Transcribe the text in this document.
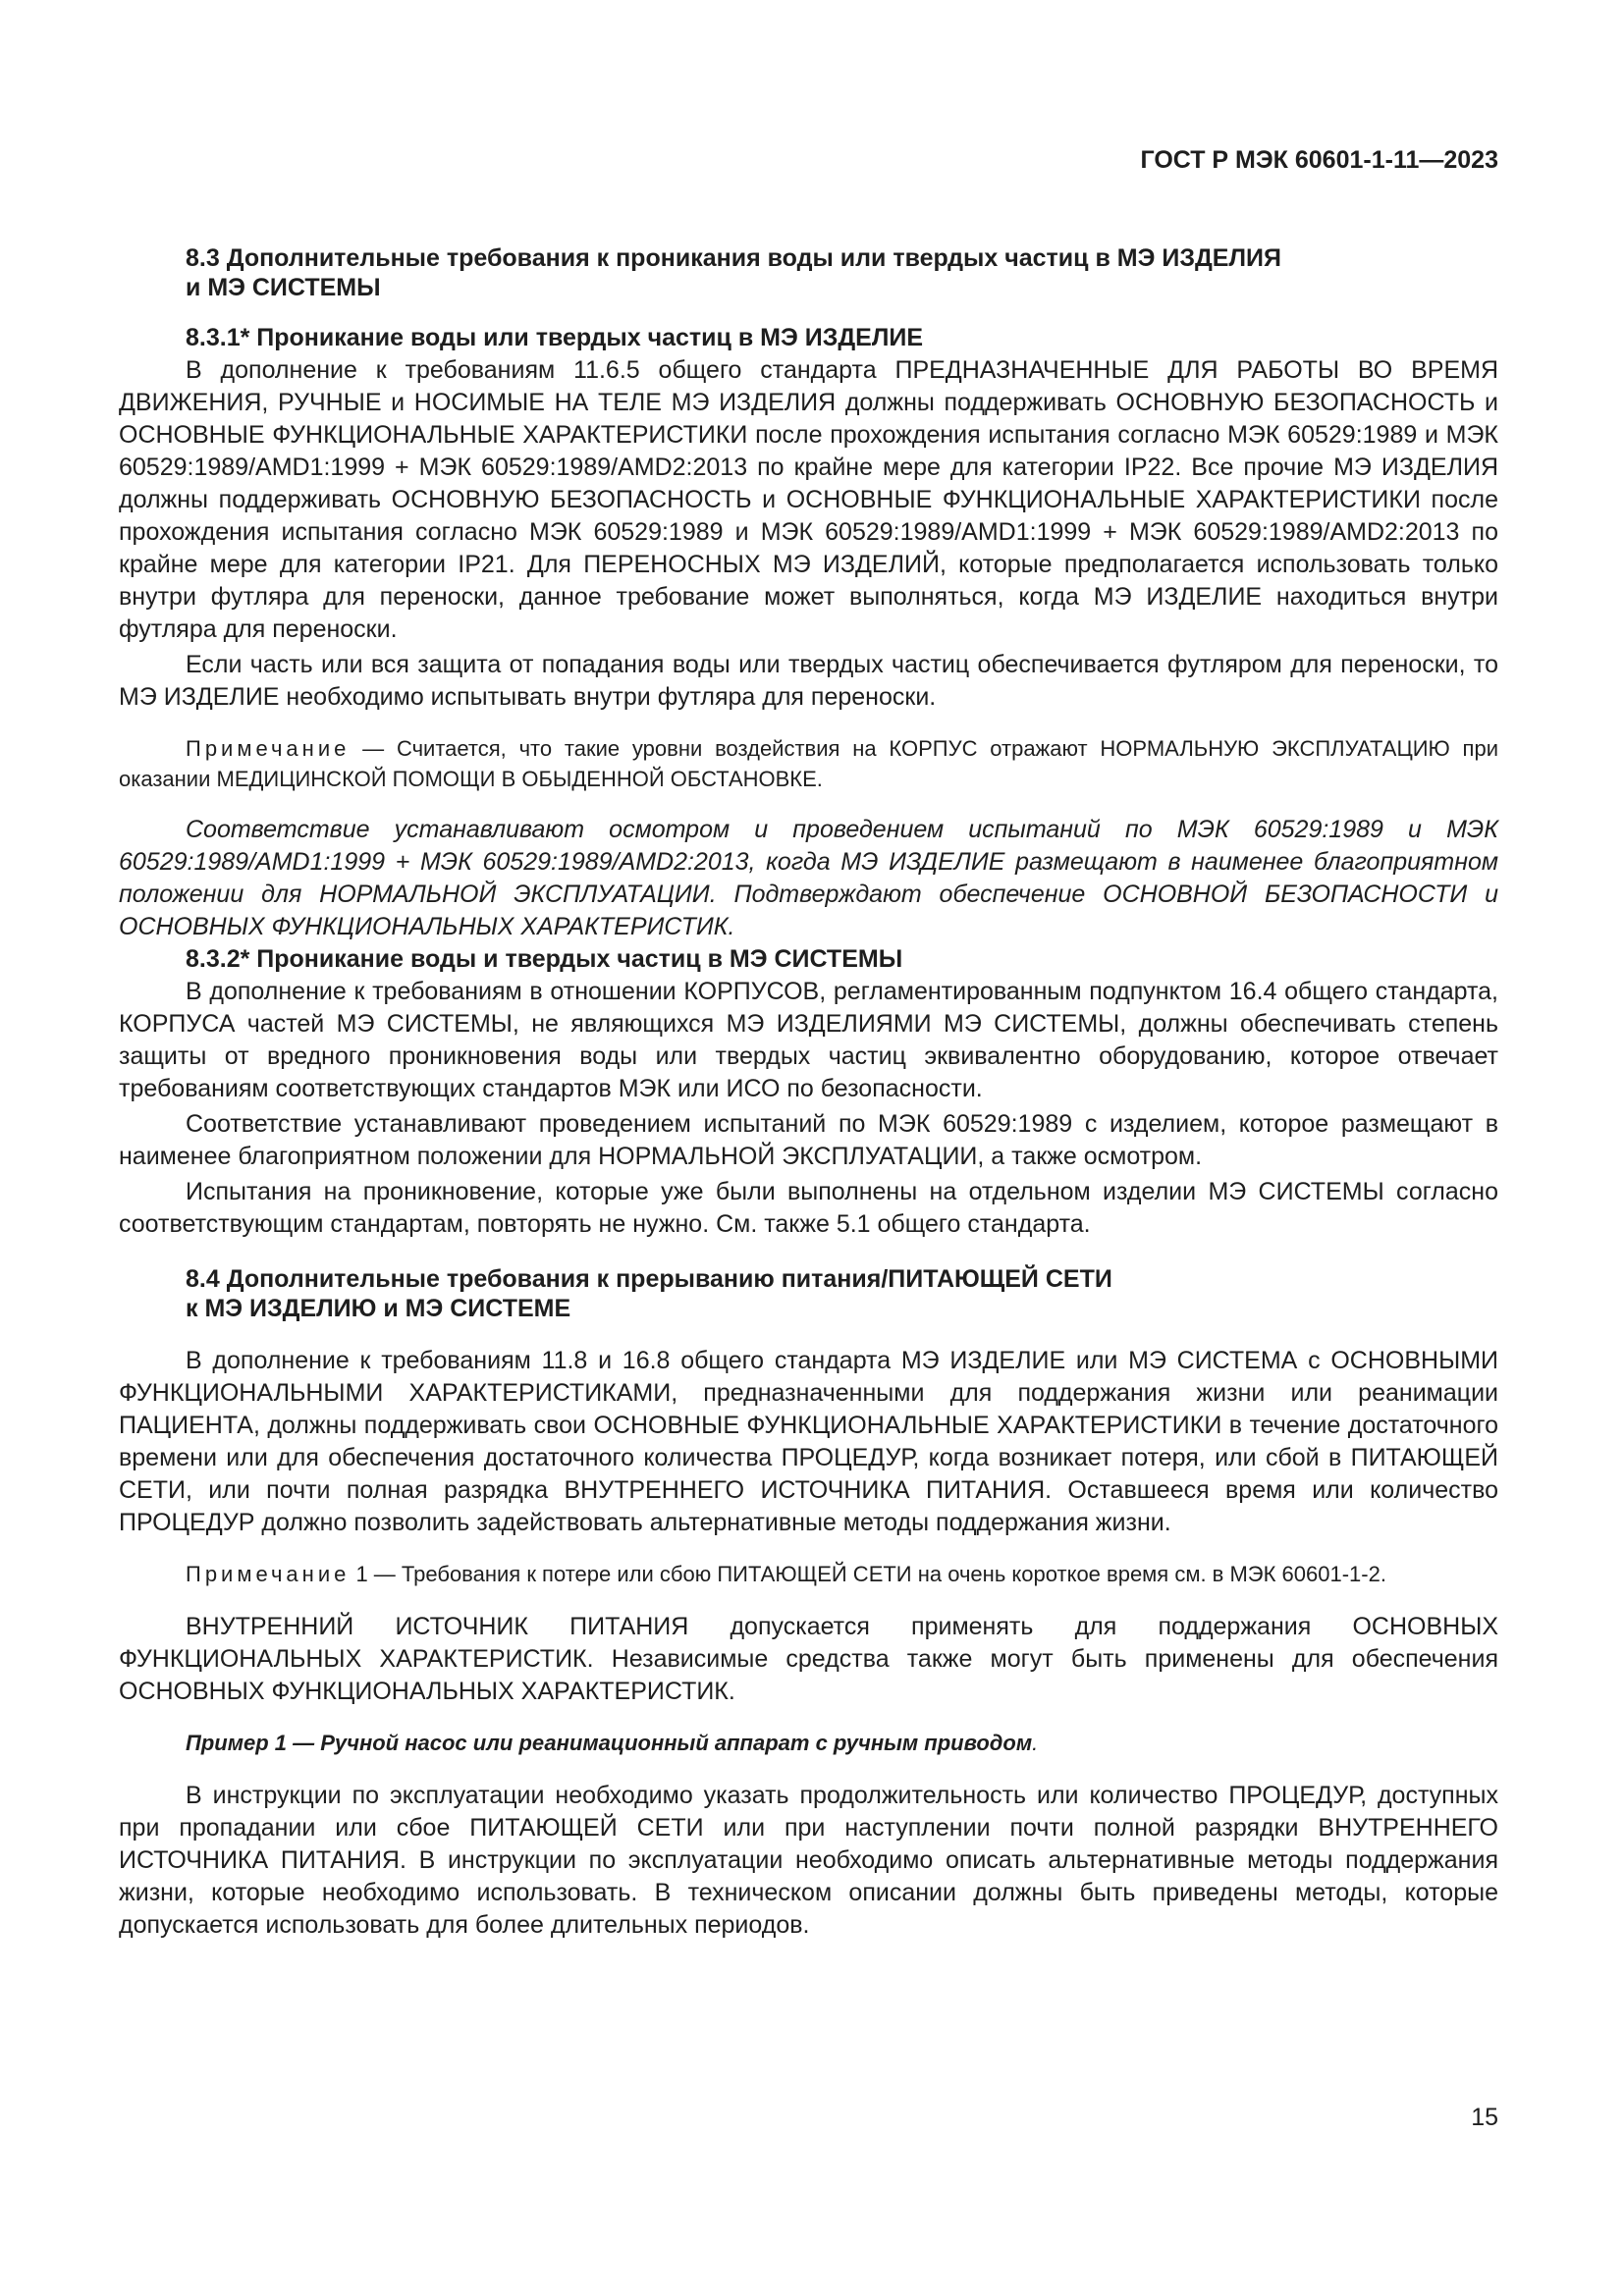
ГОСТ Р МЭК 60601-1-11—2023
8.3 Дополнительные требования к проникания воды или твердых частиц в МЭ ИЗДЕЛИЯ
и МЭ СИСТЕМЫ
8.3.1* Проникание воды или твердых частиц в МЭ ИЗДЕЛИЕ

В дополнение к требованиям 11.6.5 общего стандарта ПРЕДНАЗНАЧЕННЫЕ ДЛЯ РАБОТЫ ВО ВРЕМЯ ДВИЖЕНИЯ, РУЧНЫЕ и НОСИМЫЕ НА ТЕЛЕ МЭ ИЗДЕЛИЯ должны поддерживать ОСНОВНУЮ БЕЗОПАСНОСТЬ и ОСНОВНЫЕ ФУНКЦИОНАЛЬНЫЕ ХАРАКТЕРИСТИКИ после прохождения испытания согласно МЭК 60529:1989 и МЭК 60529:1989/AMD1:1999 + МЭК 60529:1989/AMD2:2013 по крайне мере для категории IP22. Все прочие МЭ ИЗДЕЛИЯ должны поддерживать ОСНОВНУЮ БЕЗОПАСНОСТЬ и ОСНОВНЫЕ ФУНКЦИОНАЛЬНЫЕ ХАРАКТЕРИСТИКИ после прохождения испытания согласно МЭК 60529:1989 и МЭК 60529:1989/AMD1:1999 + МЭК 60529:1989/AMD2:2013 по крайне мере для категории IP21. Для ПЕРЕНОСНЫХ МЭ ИЗДЕЛИЙ, которые предполагается использовать только внутри футляра для переноски, данное требование может выполняться, когда МЭ ИЗДЕЛИЕ находиться внутри футляра для переноски.

Если часть или вся защита от попадания воды или твердых частиц обеспечивается футляром для переноски, то МЭ ИЗДЕЛИЕ необходимо испытывать внутри футляра для переноски.

Примечание — Считается, что такие уровни воздействия на КОРПУС отражают НОРМАЛЬНУЮ ЭКСПЛУАТАЦИЮ при оказании МЕДИЦИНСКОЙ ПОМОЩИ В ОБЫДЕННОЙ ОБСТАНОВКЕ.

Соответствие устанавливают осмотром и проведением испытаний по МЭК 60529:1989 и МЭК 60529:1989/AMD1:1999 + МЭК 60529:1989/AMD2:2013, когда МЭ ИЗДЕЛИЕ размещают в наименее благоприятном положении для НОРМАЛЬНОЙ ЭКСПЛУАТАЦИИ. Подтверждают обеспечение ОСНОВНОЙ БЕЗОПАСНОСТИ и ОСНОВНЫХ ФУНКЦИОНАЛЬНЫХ ХАРАКТЕРИСТИК.

8.3.2* Проникание воды и твердых частиц в МЭ СИСТЕМЫ

В дополнение к требованиям в отношении КОРПУСОВ, регламентированным подпунктом 16.4 общего стандарта, КОРПУСА частей МЭ СИСТЕМЫ, не являющихся МЭ ИЗДЕЛИЯМИ МЭ СИСТЕМЫ, должны обеспечивать степень защиты от вредного проникновения воды или твердых частиц эквивалентно оборудованию, которое отвечает требованиям соответствующих стандартов МЭК или ИСО по безопасности.

Соответствие устанавливают проведением испытаний по МЭК 60529:1989 с изделием, которое размещают в наименее благоприятном положении для НОРМАЛЬНОЙ ЭКСПЛУАТАЦИИ, а также осмотром.

Испытания на проникновение, которые уже были выполнены на отдельном изделии МЭ СИСТЕМЫ согласно соответствующим стандартам, повторять не нужно. См. также 5.1 общего стандарта.

8.4 Дополнительные требования к прерыванию питания/ПИТАЮЩЕЙ СЕТИ
к МЭ ИЗДЕЛИЮ и МЭ СИСТЕМЕ

В дополнение к требованиям 11.8 и 16.8 общего стандарта МЭ ИЗДЕЛИЕ или МЭ СИСТЕМА с ОСНОВНЫМИ ФУНКЦИОНАЛЬНЫМИ ХАРАКТЕРИСТИКАМИ, предназначенными для поддержания жизни или реанимации ПАЦИЕНТА, должны поддерживать свои ОСНОВНЫЕ ФУНКЦИОНАЛЬНЫЕ ХАРАКТЕРИСТИКИ в течение достаточного времени или для обеспечения достаточного количества ПРОЦЕДУР, когда возникает потеря, или сбой в ПИТАЮЩЕЙ СЕТИ, или почти полная разрядка ВНУТРЕННЕГО ИСТОЧНИКА ПИТАНИЯ. Оставшееся время или количество ПРОЦЕДУР должно позволить задействовать альтернативные методы поддержания жизни.

Примечание 1 — Требования к потере или сбою ПИТАЮЩЕЙ СЕТИ на очень короткое время см. в МЭК 60601-1-2.

ВНУТРЕННИЙ ИСТОЧНИК ПИТАНИЯ допускается применять для поддержания ОСНОВНЫХ ФУНКЦИОНАЛЬНЫХ ХАРАКТЕРИСТИК. Независимые средства также могут быть применены для обеспечения ОСНОВНЫХ ФУНКЦИОНАЛЬНЫХ ХАРАКТЕРИСТИК.

Пример 1 — Ручной насос или реанимационный аппарат с ручным приводом.

В инструкции по эксплуатации необходимо указать продолжительность или количество ПРОЦЕДУР, доступных при пропадании или сбое ПИТАЮЩЕЙ СЕТИ или при наступлении почти полной разрядки ВНУТРЕННЕГО ИСТОЧНИКА ПИТАНИЯ. В инструкции по эксплуатации необходимо описать альтернативные методы поддержания жизни, которые необходимо использовать. В техническом описании должны быть приведены методы, которые допускается использовать для более длительных периодов.

15
